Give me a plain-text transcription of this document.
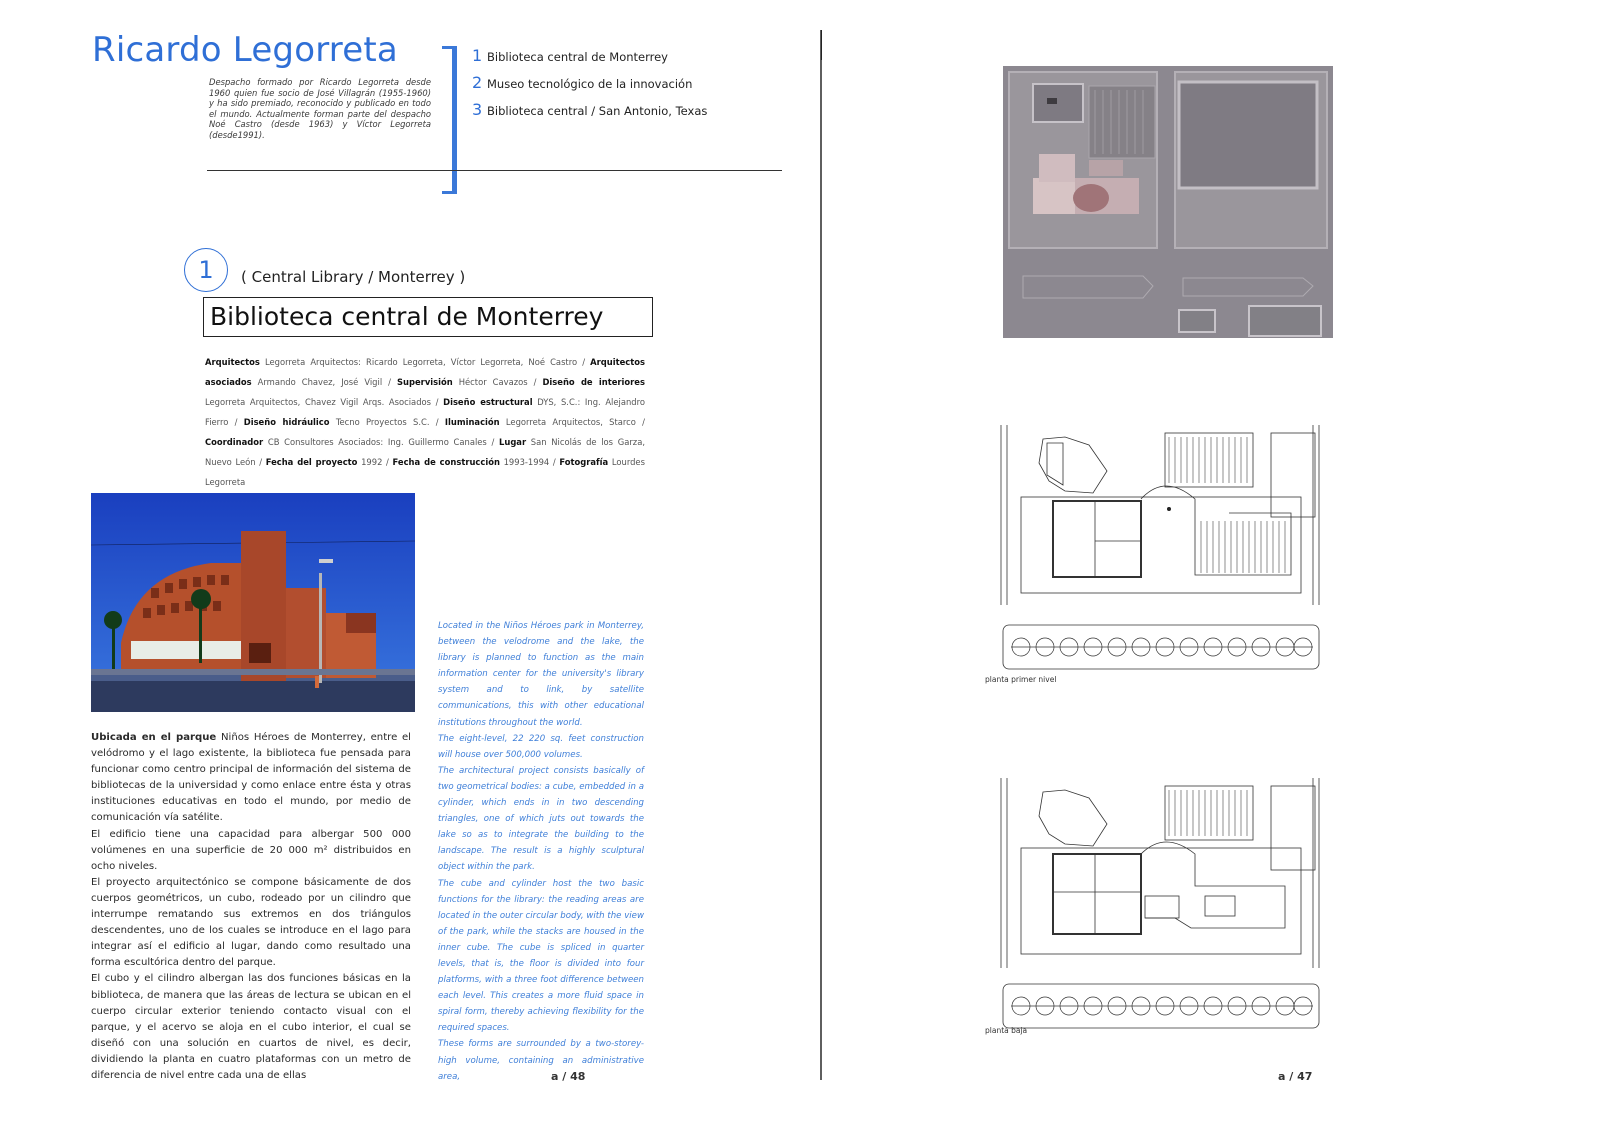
Ricardo Legorreta
Despacho formado por Ricardo Legorreta desde 1960 quien fue socio de José Villagrán (1955-1960) y ha sido premiado, reconocido y publicado en todo el mundo. Actualmente forman parte del despacho Noé Castro (desde 1963) y Víctor Legorreta (desde1991).
1 Biblioteca central de Monterrey
2 Museo tecnológico de la innovación
3 Biblioteca central / San Antonio, Texas
1	( Central Library / Monterrey )
Biblioteca central de Monterrey
Arquitectos Legorreta Arquitectos: Ricardo Legorreta, Víctor Legorreta, Noé Castro / Arquitectos asociados Armando Chavez, José Vigil / Supervisión Héctor Cavazos / Diseño de interiores Legorreta Arquitectos, Chavez Vigil Arqs. Asociados / Diseño estructural DYS, S.C.: Ing. Alejandro Fierro / Diseño hidráulico Tecno Proyectos S.C. / Iluminación Legorreta Arquitectos, Starco / Coordinador CB Consultores Asociados: Ing. Guillermo Canales / Lugar San Nicolás de los Garza, Nuevo León / Fecha del proyecto 1992 / Fecha de construcción 1993-1994 / Fotografía Lourdes Legorreta

Ubicada en el parque Niños Héroes de Monterrey, entre el velódromo y el lago existente, la biblioteca fue pensada para funcionar como centro principal de información del sistema de bibliotecas de la universidad y como enlace entre ésta y otras instituciones educativas en todo el mundo, por medio de comunicación vía satélite.

El edificio tiene una capacidad para albergar 500 000 volúmenes en una superficie de 20 000 m² distribuidos en ocho niveles.

El proyecto arquitectónico se compone básicamente de dos cuerpos geométricos, un cubo, rodeado por un cilindro que interrumpe rematando sus extremos en dos triángulos descendentes, uno de los cuales se introduce en el lago para integrar así el edificio al lugar, dando como resultado una forma escultórica dentro del parque.

El cubo y el cilindro albergan las dos funciones básicas en la biblioteca, de manera que las áreas de lectura se ubican en el cuerpo circular exterior teniendo contacto visual con el parque, y el acervo se aloja en el cubo interior, el cual se diseñó con una solución en cuartos de nivel, es decir, dividiendo la planta en cuatro plataformas con un metro de diferencia de nivel entre cada una de ellas

Located in the Niños Héroes park in Monterrey, between the velodrome and the lake, the library is planned to function as the main information center for the university's library system and to link, by satellite communications, this with other educational institutions throughout the world.

The eight-level, 22 220 sq. feet construction will house over 500,000 volumes.

The architectural project consists basically of two geometrical bodies: a cube, embedded in a cylinder, which ends in in two descending triangles, one of which juts out towards the lake so as to integrate the building to the landscape. The result is a highly sculptural object within the park.

The cube and cylinder host the two basic functions for the library: the reading areas are located in the outer circular body, with the view of the park, while the stacks are housed in the inner cube. The cube is spliced in quarter levels, that is, the floor is divided into four platforms, with a three foot difference between each level. This creates a more fluid space in spiral form, thereby achieving flexibility for the required spaces.

These forms are surrounded by a two-storey-high volume, containing an administrative area,	a / 48
planta primer nivel
planta baja
a / 47
